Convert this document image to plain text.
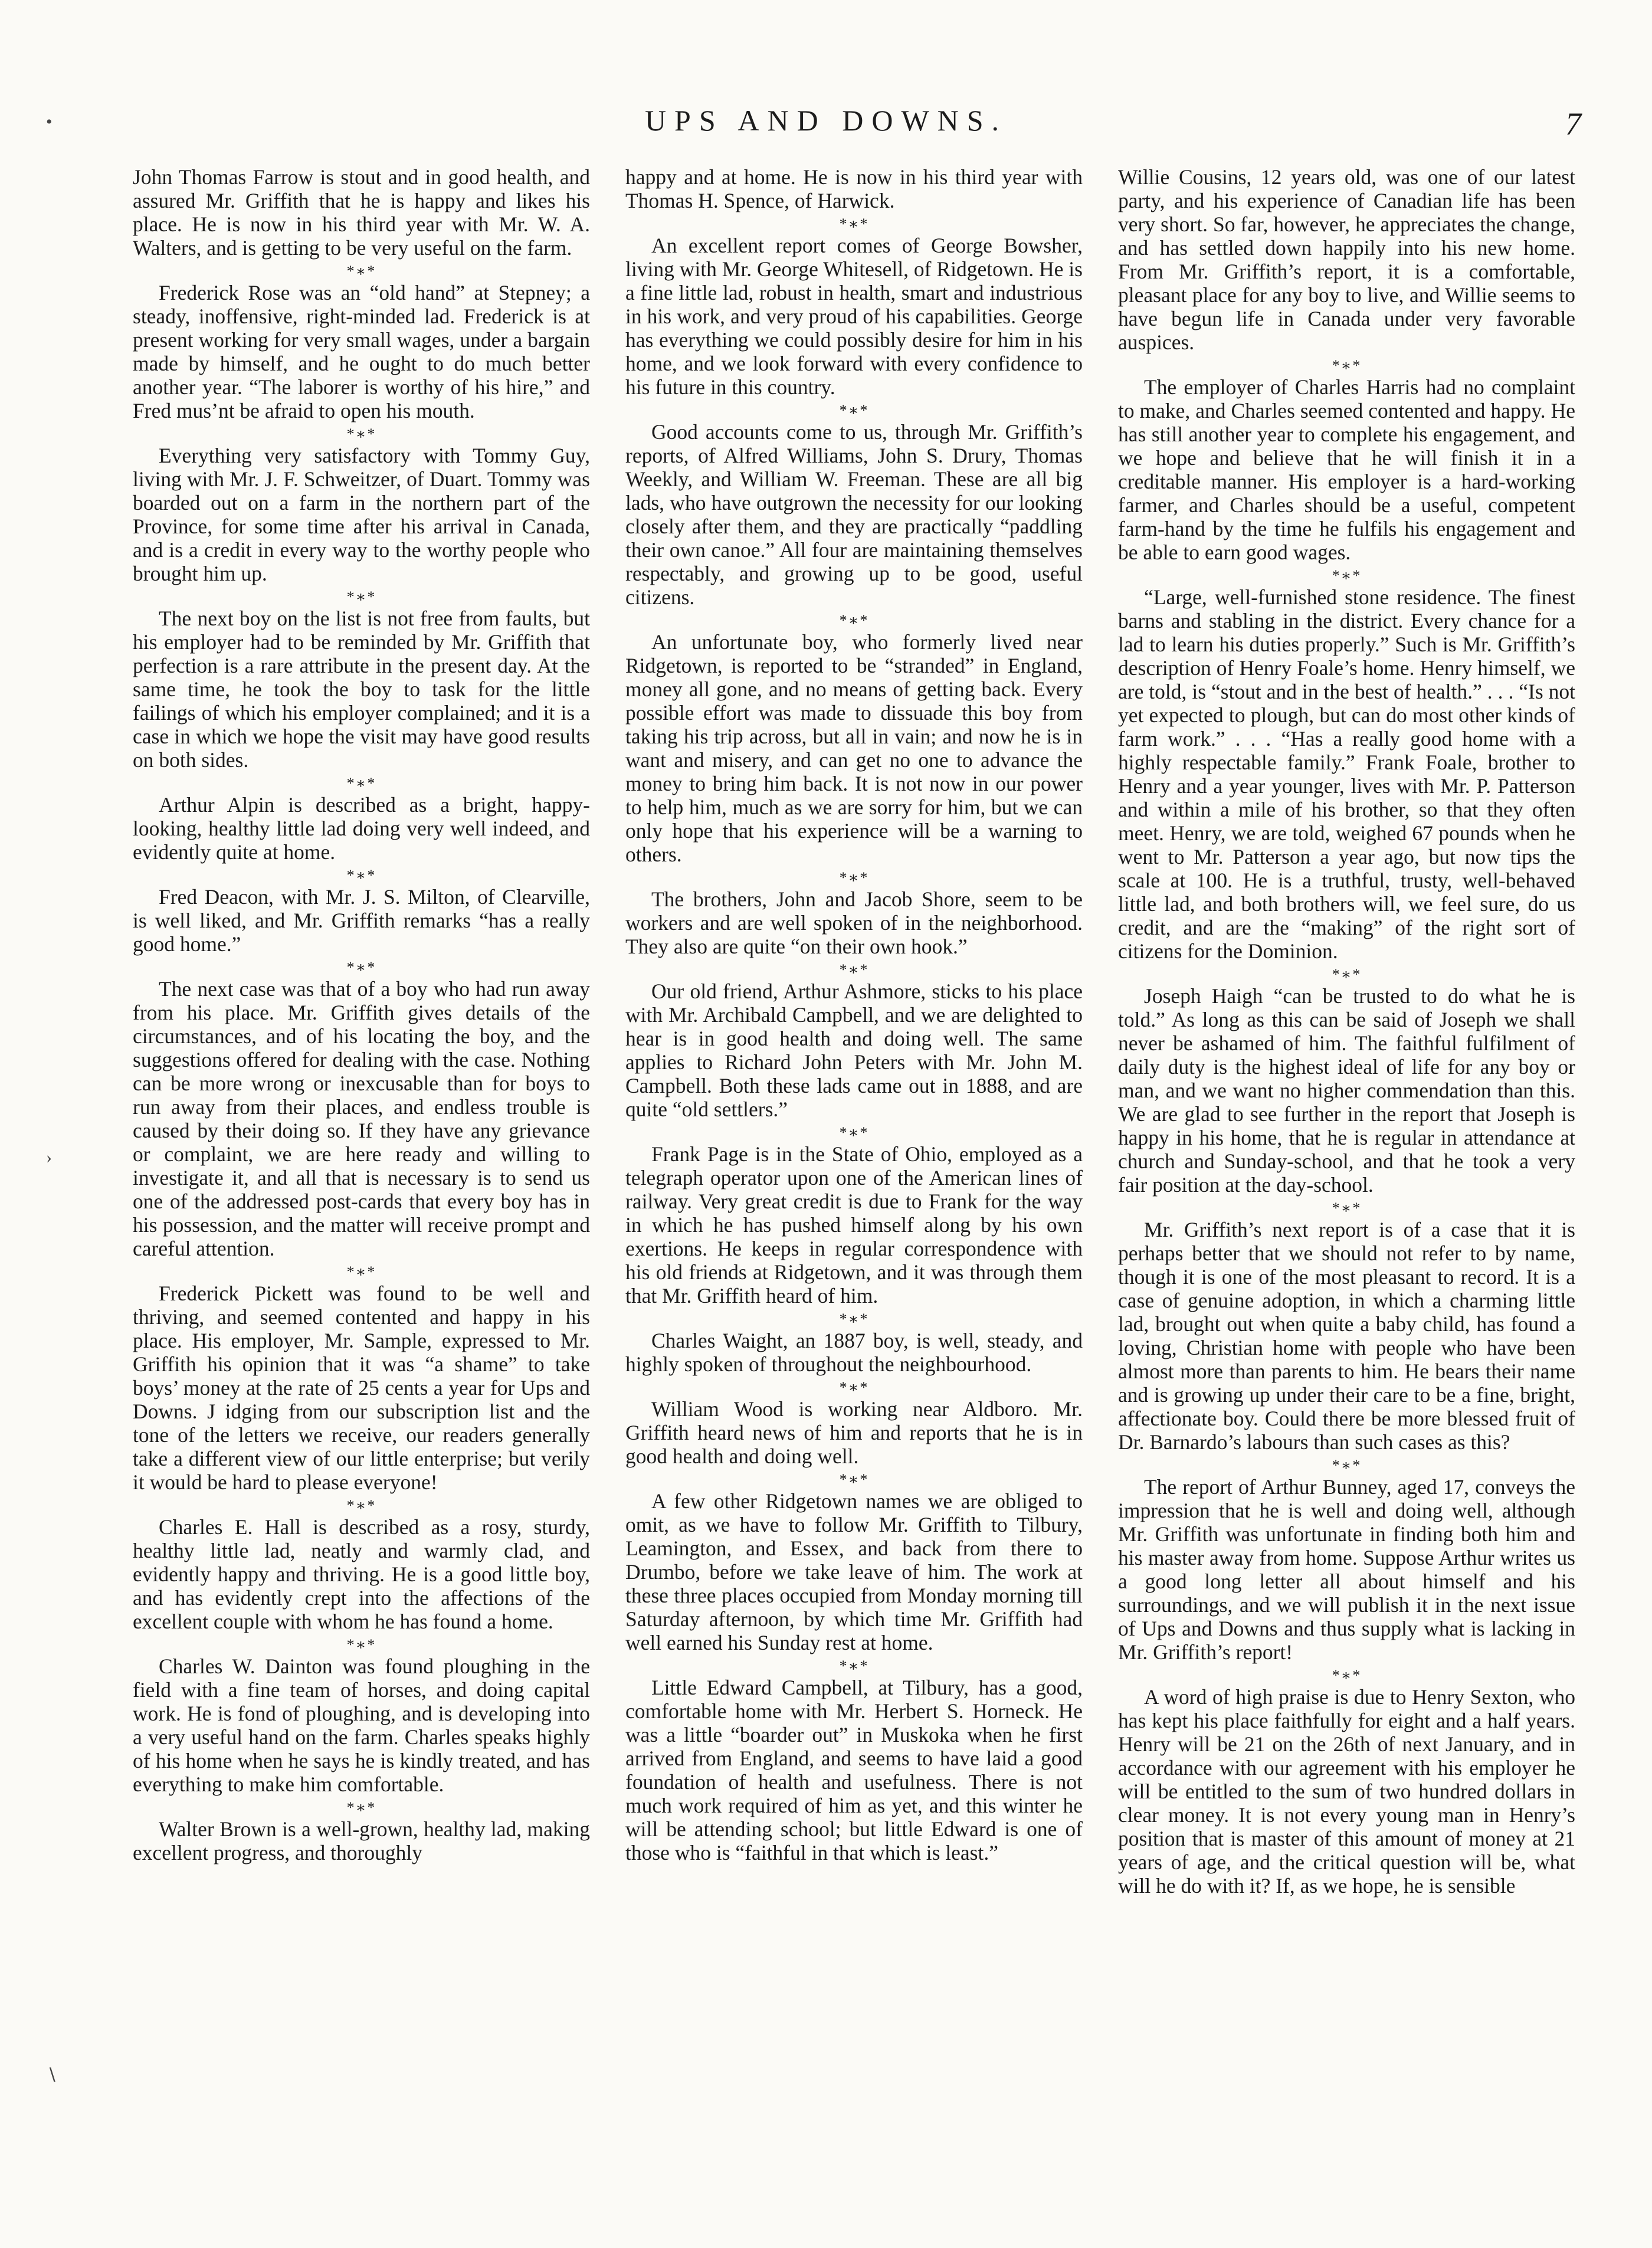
UPS AND DOWNS.	7
•
›
∖

John Thomas Farrow is stout and in good health, and assured Mr. Griffith that he is happy and likes his place. He is now in his third year with Mr. W. A. Walters, and is getting to be very useful on the farm.

*∗*

Frederick Rose was an “old hand” at Stepney; a steady, inoffensive, right-minded lad. Frederick is at present working for very small wages, under a bargain made by himself, and he ought to do much better another year. “The laborer is worthy of his hire,” and Fred mus’nt be afraid to open his mouth.

*∗*

Everything very satisfactory with Tommy Guy, living with Mr. J. F. Schweitzer, of Duart. Tommy was boarded out on a farm in the northern part of the Province, for some time after his arrival in Canada, and is a credit in every way to the worthy people who brought him up.

*∗*

The next boy on the list is not free from faults, but his employer had to be reminded by Mr. Griffith that perfection is a rare attribute in the present day. At the same time, he took the boy to task for the little failings of which his employer complained; and it is a case in which we hope the visit may have good results on both sides.

*∗*

Arthur Alpin is described as a bright, happy-looking, healthy little lad doing very well indeed, and evidently quite at home.

*∗*

Fred Deacon, with Mr. J. S. Milton, of Clearville, is well liked, and Mr. Griffith remarks “has a really good home.”

*∗*

The next case was that of a boy who had run away from his place. Mr. Griffith gives details of the circumstances, and of his locating the boy, and the suggestions offered for dealing with the case. Nothing can be more wrong or inexcusable than for boys to run away from their places, and endless trouble is caused by their doing so. If they have any grievance or complaint, we are here ready and willing to investigate it, and all that is necessary is to send us one of the addressed post-cards that every boy has in his possession, and the matter will receive prompt and careful attention.

*∗*

Frederick Pickett was found to be well and thriving, and seemed contented and happy in his place. His employer, Mr. Sample, expressed to Mr. Griffith his opinion that it was “a shame” to take boys’ money at the rate of 25 cents a year for Ups and Downs. J idging from our subscription list and the tone of the letters we receive, our readers generally take a different view of our little enterprise; but verily it would be hard to please everyone!

*∗*

Charles E. Hall is described as a rosy, sturdy, healthy little lad, neatly and warmly clad, and evidently happy and thriving. He is a good little boy, and has evidently crept into the affections of the excellent couple with whom he has found a home.

*∗*

Charles W. Dainton was found ploughing in the field with a fine team of horses, and doing capital work. He is fond of ploughing, and is developing into a very useful hand on the farm. Charles speaks highly of his home when he says he is kindly treated, and has everything to make him comfortable.

*∗*

Walter Brown is a well-grown, healthy lad, making excellent progress, and thoroughly

happy and at home. He is now in his third year with Thomas H. Spence, of Harwick.

*∗*

An excellent report comes of George Bowsher, living with Mr. George Whitesell, of Ridgetown. He is a fine little lad, robust in health, smart and industrious in his work, and very proud of his capabilities. George has everything we could possibly desire for him in his home, and we look forward with every confidence to his future in this country.

*∗*

Good accounts come to us, through Mr. Griffith’s reports, of Alfred Williams, John S. Drury, Thomas Weekly, and William W. Freeman. These are all big lads, who have outgrown the necessity for our looking closely after them, and they are practically “paddling their own canoe.” All four are maintaining themselves respectably, and growing up to be good, useful citizens.

*∗*

An unfortunate boy, who formerly lived near Ridgetown, is reported to be “stranded” in England, money all gone, and no means of getting back. Every possible effort was made to dissuade this boy from taking his trip across, but all in vain; and now he is in want and misery, and can get no one to advance the money to bring him back. It is not now in our power to help him, much as we are sorry for him, but we can only hope that his experience will be a warning to others.

*∗*

The brothers, John and Jacob Shore, seem to be workers and are well spoken of in the neighborhood. They also are quite “on their own hook.”

*∗*

Our old friend, Arthur Ashmore, sticks to his place with Mr. Archibald Campbell, and we are delighted to hear is in good health and doing well. The same applies to Richard John Peters with Mr. John M. Campbell. Both these lads came out in 1888, and are quite “old settlers.”

*∗*

Frank Page is in the State of Ohio, employed as a telegraph operator upon one of the American lines of railway. Very great credit is due to Frank for the way in which he has pushed himself along by his own exertions. He keeps in regular correspondence with his old friends at Ridgetown, and it was through them that Mr. Griffith heard of him.

*∗*

Charles Waight, an 1887 boy, is well, steady, and highly spoken of throughout the neighbourhood.

*∗*

William Wood is working near Aldboro. Mr. Griffith heard news of him and reports that he is in good health and doing well.

*∗*

A few other Ridgetown names we are obliged to omit, as we have to follow Mr. Griffith to Tilbury, Leamington, and Essex, and back from there to Drumbo, before we take leave of him. The work at these three places occupied from Monday morning till Saturday afternoon, by which time Mr. Griffith had well earned his Sunday rest at home.

*∗*

Little Edward Campbell, at Tilbury, has a good, comfortable home with Mr. Herbert S. Horneck. He was a little “boarder out” in Muskoka when he first arrived from England, and seems to have laid a good foundation of health and usefulness. There is not much work required of him as yet, and this winter he will be attending school; but little Edward is one of those who is “faithful in that which is least.”

Willie Cousins, 12 years old, was one of our latest party, and his experience of Canadian life has been very short. So far, however, he appreciates the change, and has settled down happily into his new home. From Mr. Griffith’s report, it is a comfortable, pleasant place for any boy to live, and Willie seems to have begun life in Canada under very favorable auspices.

*∗*

The employer of Charles Harris had no complaint to make, and Charles seemed contented and happy. He has still another year to complete his engagement, and we hope and believe that he will finish it in a creditable manner. His employer is a hard-working farmer, and Charles should be a useful, competent farm-hand by the time he fulfils his engagement and be able to earn good wages.

*∗*

“Large, well-furnished stone residence. The finest barns and stabling in the district. Every chance for a lad to learn his duties properly.” Such is Mr. Griffith’s description of Henry Foale’s home. Henry himself, we are told, is “stout and in the best of health.” . . . “Is not yet expected to plough, but can do most other kinds of farm work.” . . . “Has a really good home with a highly respectable family.” Frank Foale, brother to Henry and a year younger, lives with Mr. P. Patterson and within a mile of his brother, so that they often meet. Henry, we are told, weighed 67 pounds when he went to Mr. Patterson a year ago, but now tips the scale at 100. He is a truthful, trusty, well-behaved little lad, and both brothers will, we feel sure, do us credit, and are the “making” of the right sort of citizens for the Dominion.

*∗*

Joseph Haigh “can be trusted to do what he is told.” As long as this can be said of Joseph we shall never be ashamed of him. The faithful fulfilment of daily duty is the highest ideal of life for any boy or man, and we want no higher commendation than this. We are glad to see further in the report that Joseph is happy in his home, that he is regular in attendance at church and Sunday-school, and that he took a very fair position at the day-school.

*∗*

Mr. Griffith’s next report is of a case that it is perhaps better that we should not refer to by name, though it is one of the most pleasant to record. It is a case of genuine adoption, in which a charming little lad, brought out when quite a baby child, has found a loving, Christian home with people who have been almost more than parents to him. He bears their name and is growing up under their care to be a fine, bright, affectionate boy. Could there be more blessed fruit of Dr. Barnardo’s labours than such cases as this?

*∗*

The report of Arthur Bunney, aged 17, conveys the impression that he is well and doing well, although Mr. Griffith was unfortunate in finding both him and his master away from home. Suppose Arthur writes us a good long letter all about himself and his surroundings, and we will publish it in the next issue of Ups and Downs and thus supply what is lacking in Mr. Griffith’s report!

*∗*

A word of high praise is due to Henry Sexton, who has kept his place faithfully for eight and a half years. Henry will be 21 on the 26th of next January, and in accordance with our agreement with his employer he will be entitled to the sum of two hundred dollars in clear money. It is not every young man in Henry’s position that is master of this amount of money at 21 years of age, and the critical question will be, what will he do with it? If, as we hope, he is sensible
